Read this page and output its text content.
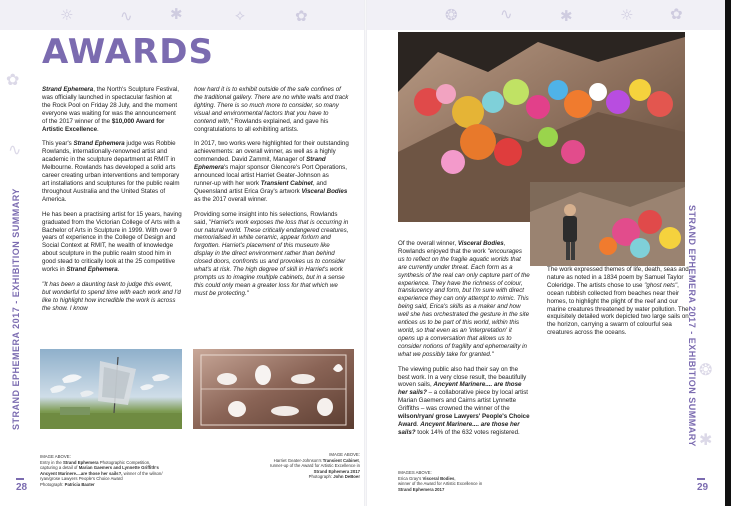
☼	∿ ✱	⟡	✿	❂	∿	✱	☼ ✿
✿
∿
❂
✱
STRAND EPHEMERA 2017 - EXHIBITION SUMMARY	STRAND EPHEMERA 2017 - EXHIBITION SUMMARY
28	29
AWARDS

Strand Ephemera, the North's Sculpture Festival, was officially launched in spectacular fashion at the Rock Pool on Friday 28 July, and the moment everyone was waiting for was the announcement of the 2017 winner of the $10,000 Award for Artistic Excellence.

This year's Strand Ephemera judge was Robbie Rowlands, internationally-renowned artist and academic in the sculpture department at RMIT in Melbourne. Rowlands has developed a solid arts career creating urban interventions and temporary art installations and sculptures for the public realm throughout Australia and the United States of America.

He has been a practising artist for 15 years, having graduated from the Victorian College of Arts with a Bachelor of Arts in Sculpture in 1999. With over 9 years of experience in the College of Design and Social Context at RMIT, he wealth of knowledge about sculpture in the public realm stood him in good stead to critically look at the 25 competitive works in Strand Ephemera.

"It has been a daunting task to judge this event, but wonderful to spend time with each work and I'd like to highlight how incredible the work is across the show. I know

how hard it is to exhibit outside of the safe confines of the traditional gallery. There are no white walls and track lighting. There is so much more to consider, so many visual and environmental factors that you have to contend with," Rowlands explained, and gave his congratulations to all exhibiting artists.

In 2017, two works were highlighted for their outstanding achievements: an overall winner, as well as a highly commended. David Zammit, Manager of Strand Ephemera's major sponsor Glencore's Port Operations, announced local artist Harriet Geater-Johnson as runner-up with her work Transient Cabinet, and Queensland artist Erica Gray's artwork Visceral Bodies as the 2017 overall winner.

Providing some insight into his selections, Rowlands said, "Harriet's work exposes the loss that is occurring in our natural world. These critically endangered creatures, memorialised in white ceramic, appear forlorn and forgotten. Harriet's placement of this museum like display in the direct environment rather than behind closed doors, confronts us and provokes us to consider what's at risk. The high degree of skill in Harriet's work prompts us to imagine multiple cabinets, but in a sense this could only mean a greater loss for that which we must be protecting."

IMAGE ABOVE:
Entry in the Strand Ephemera Photographic Competition,
capturing a detail of Marian Gaemers and Lynnette Griffith's
Ancyent Marinere....are those her sails?, winner of the wilson/
ryan/grose Lawyers People's Choice Award
Photograph: Patricia Baxter
IMAGE ABOVE:
Harriet Geater-Johnson's Transient Cabinet,
runner-up of the Award for Artistic Excellence in Strand Ephemera 2017
Photograph: John DeBoer

Of the overall winner, Visceral Bodies, Rowlands enjoyed that the work "encourages us to reflect on the fragile aquatic worlds that are currently under threat. Each form as a synthesis of the real can only capture part of the experience. They have the richness of colour, translucency and form, but I'm sure with direct experience they can only attempt to mimic. This being said, Erica's skills as a maker and how well she has orchestrated the gesture in the site entices us to be part of this world, within this world, so that even as an 'interpretation' it opens up a conversation that allows us to consider notions of fragility and ephemerality in what we possibly take for granted."

The viewing public also had their say on the best work. In a very close result, the beautifully woven sails, Ancyent Marinere.... are those her sails? – a collaborative piece by local artist Marian Gaemers and Cairns artist Lynnette Griffiths – was crowned the winner of the wilson/ryan/ grose Lawyers' People's Choice Award. Ancyent Marinere.... are those her sails? took 14% of the 632 votes registered.

The work expressed themes of life, death, seas and nature as noted in a 1834 poem by Samuel Taylor Coleridge. The artists chose to use "ghost nets", ocean rubbish collected from beaches near their homes, to highlight the plight of the reef and our marine creatures threatened by water pollution. The exquisitely detailed work depicted two large sails on the horizon, carrying a swarm of colourful sea creatures across the oceans.

IMAGES ABOVE:
Erica Gray's Visceral Bodies,
winner of the Award for Artistic Excellence in
Strand Ephemera 2017
